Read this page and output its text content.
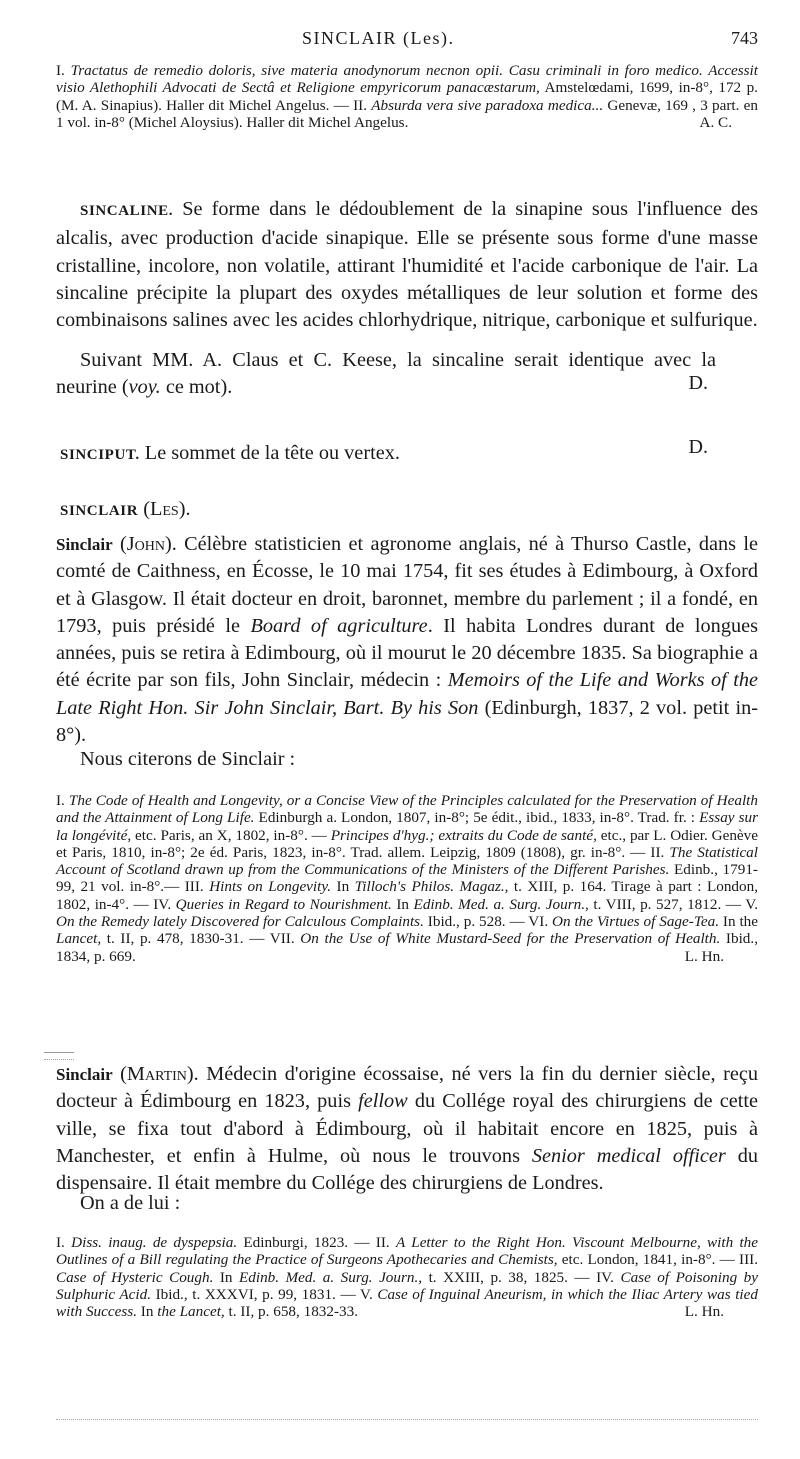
SINCLAIR (Les).	743
I. Tractatus de remedio doloris, sive materia anodynorum necnon opii. Casu criminali in foro medico. Accessit visio Alethophili Advocati de Sectâ et Religione empyricorum panacæstarum, Amstelœdami, 1699, in-8°, 172 p. (M. A. Sinapius). Haller dit Michel Angelus. — II. Absurda vera sive paradoxa medica... Genevæ, 169 , 3 part. en 1 vol. in-8° (Michel Aloysius). Haller dit Michel Angelus.	A. C.
SINCALINE. Se forme dans le dédoublement de la sinapine sous l'influence des alcalis, avec production d'acide sinapique. Elle se présente sous forme d'une masse cristalline, incolore, non volatile, attirant l'humidité et l'acide carbonique de l'air. La sincaline précipite la plupart des oxydes métalliques de leur solution et forme des combinaisons salines avec les acides chlorhydrique, nitrique, carbonique et sulfurique.
Suivant MM. A. Claus et C. Keese, la sincaline serait identique avec la neurine (voy. ce mot).	D.
SINCIPUT. Le sommet de la tête ou vertex.	D.
SINCLAIR (Les).
Sinclair (John). Célèbre statisticien et agronome anglais, né à Thurso Castle, dans le comté de Caithness, en Écosse, le 10 mai 1754, fit ses études à Edimbourg, à Oxford et à Glasgow. Il était docteur en droit, baronnet, membre du parlement ; il a fondé, en 1793, puis présidé le Board of agriculture. Il habita Londres durant de longues années, puis se retira à Edimbourg, où il mourut le 20 décembre 1835. Sa biographie a été écrite par son fils, John Sinclair, médecin : Memoirs of the Life and Works of the Late Right Hon. Sir John Sinclair, Bart. By his Son (Edinburgh, 1837, 2 vol. petit in-8°).
Nous citerons de Sinclair :
I. The Code of Health and Longevity, or a Concise View of the Principles calculated for the Preservation of Health and the Attainment of Long Life. Edinburgh a. London, 1807, in-8°; 5e édit., ibid., 1833, in-8°. Trad. fr. : Essay sur la longévité, etc. Paris, an X, 1802, in-8°. — Principes d'hyg.; extraits du Code de santé, etc., par L. Odier. Genève et Paris, 1810, in-8°; 2e éd. Paris, 1823, in-8°. Trad. allem. Leipzig, 1809 (1808), gr. in-8°. — II. The Statistical Account of Scotland drawn up from the Communications of the Ministers of the Different Parishes. Edinb., 1791-99, 21 vol. in-8°.— III. Hints on Longevity. In Tilloch's Philos. Magaz., t. XIII, p. 164. Tirage à part : London, 1802, in-4°. — IV. Queries in Regard to Nourishment. In Edinb. Med. a. Surg. Journ., t. VIII, p. 527, 1812. — V. On the Remedy lately Discovered for Calculous Complaints. Ibid., p. 528. — VI. On the Virtues of Sage-Tea. In the Lancet, t. II, p. 478, 1830-31. — VII. On the Use of White Mustard-Seed for the Preservation of Health. Ibid., 1834, p. 669.	L. Hn.
Sinclair (Martin). Médecin d'origine écossaise, né vers la fin du dernier siècle, reçu docteur à Édimbourg en 1823, puis fellow du Collége royal des chirurgiens de cette ville, se fixa tout d'abord à Édimbourg, où il habitait encore en 1825, puis à Manchester, et enfin à Hulme, où nous le trouvons Senior medical officer du dispensaire. Il était membre du Collége des chirurgiens de Londres.
On a de lui :
I. Diss. inaug. de dyspepsia. Edinburgi, 1823. — II. A Letter to the Right Hon. Viscount Melbourne, with the Outlines of a Bill regulating the Practice of Surgeons Apothecaries and Chemists, etc. London, 1841, in-8°. — III. Case of Hysteric Cough. In Edinb. Med. a. Surg. Journ., t. XXIII, p. 38, 1825. — IV. Case of Poisoning by Sulphuric Acid. Ibid., t. XXXVI, p. 99, 1831. — V. Case of Inguinal Aneurism, in which the Iliac Artery was tied with Success. In the Lancet, t. II, p. 658, 1832-33.	L. Hn.
